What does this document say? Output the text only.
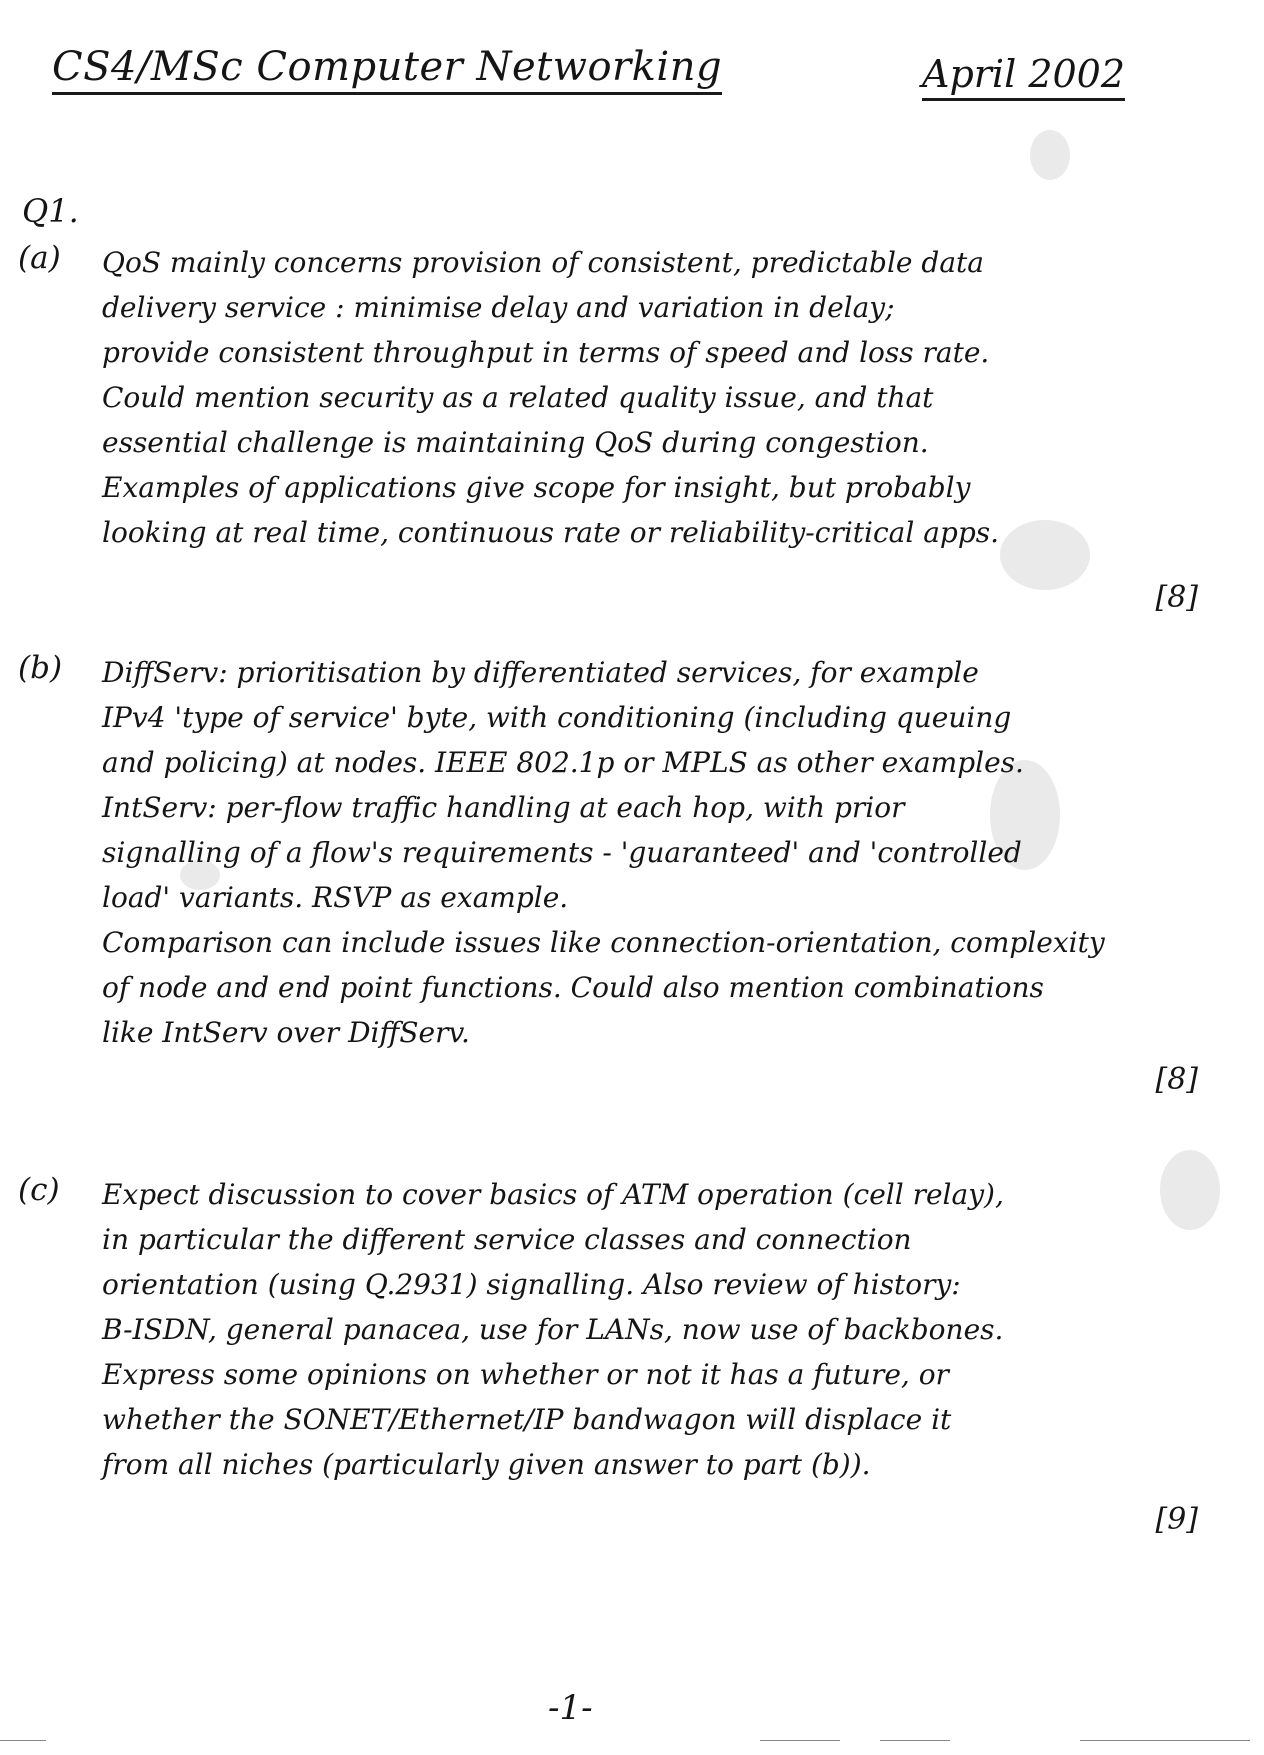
CS4/MSc Computer Networking	April 2002
Q1.
(a) QoS mainly concerns provision of consistent, predictable data
delivery service : minimise delay and variation in delay;
provide consistent throughput in terms of speed and loss rate.
Could mention security as a related quality issue, and that
essential challenge is maintaining QoS during congestion.
Examples of applications give scope for insight, but probably
looking at real time, continuous rate or reliability-critical apps.
[8]
(b) DiffServ: prioritisation by differentiated services, for example
IPv4 'type of service' byte, with conditioning (including queuing
and policing) at nodes. IEEE 802.1p or MPLS as other examples.
IntServ: per-flow traffic handling at each hop, with prior
signalling of a flow's requirements - 'guaranteed' and 'controlled
load' variants. RSVP as example.
Comparison can include issues like connection-orientation, complexity
of node and end point functions. Could also mention combinations
like IntServ over DiffServ.
[8]
(c) Expect discussion to cover basics of ATM operation (cell relay),
in particular the different service classes and connection
orientation (using Q.2931) signalling. Also review of history:
B-ISDN, general panacea, use for LANs, now use of backbones.
Express some opinions on whether or not it has a future, or
whether the SONET/Ethernet/IP bandwagon will displace it
from all niches (particularly given answer to part (b)).
[9]
-1-
